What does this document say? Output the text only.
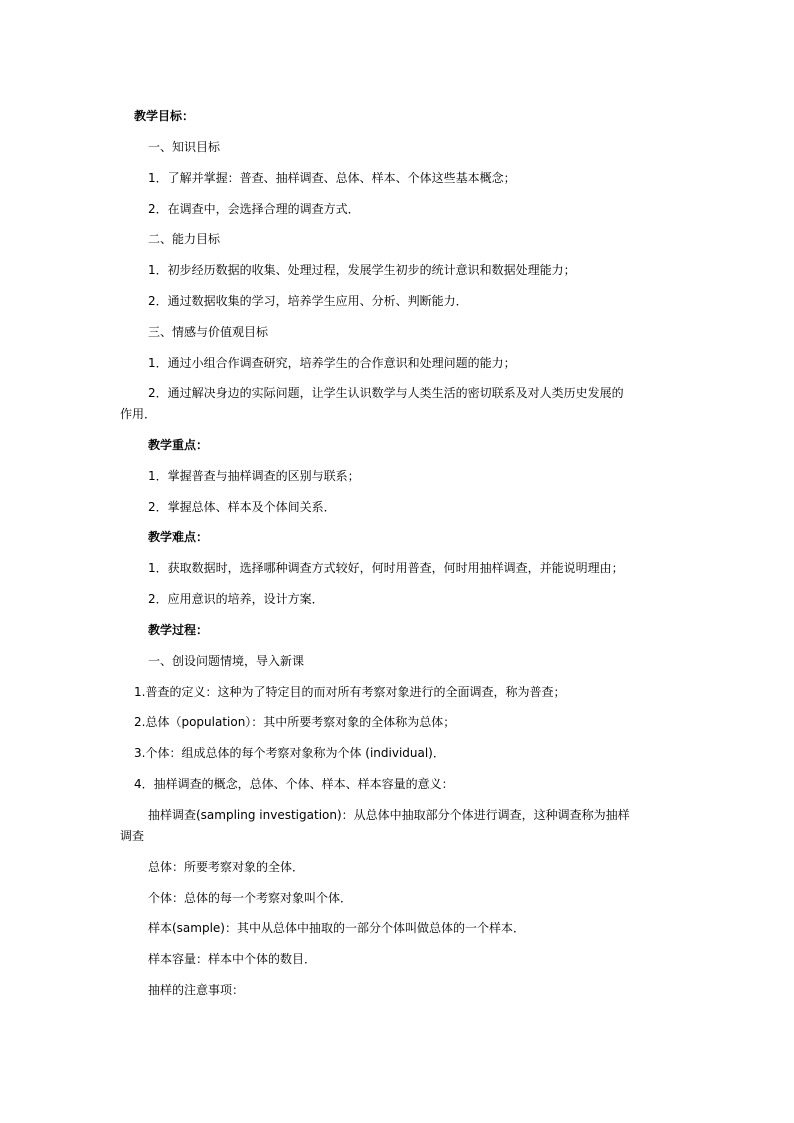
教学目标：

一、知识目标

1．了解并掌握：普查、抽样调查、总体、样本、个体这些基本概念；

2．在调查中，会选择合理的调查方式．

二、能力目标

1．初步经历数据的收集、处理过程，发展学生初步的统计意识和数据处理能力；

2．通过数据收集的学习，培养学生应用、分析、判断能力．

三、情感与价值观目标

1．通过小组合作调查研究，培养学生的合作意识和处理问题的能力；

2．通过解决身边的实际问题，让学生认识数学与人类生活的密切联系及对人类历史发展的

作用．

教学重点：

1．掌握普查与抽样调查的区别与联系；

2．掌握总体、样本及个体间关系．

教学难点：

1．获取数据时，选择哪种调查方式较好，何时用普查，何时用抽样调查，并能说明理由；

2．应用意识的培养，设计方案．

教学过程：

一、创设问题情境，导入新课

1.普查的定义：这种为了特定目的而对所有考察对象进行的全面调查，称为普查；

2.总体（population）：其中所要考察对象的全体称为总体；

3.个体：组成总体的每个考察对象称为个体 (individual)．

4．抽样调查的概念，总体、个体、样本、样本容量的意义：

抽样调查(sampling investigation)：从总体中抽取部分个体进行调查，这种调查称为抽样

调查

总体：所要考察对象的全体．

个体：总体的每一个考察对象叫个体．

样本(sample)：其中从总体中抽取的一部分个体叫做总体的一个样本．

样本容量：样本中个体的数目．

抽样的注意事项：
